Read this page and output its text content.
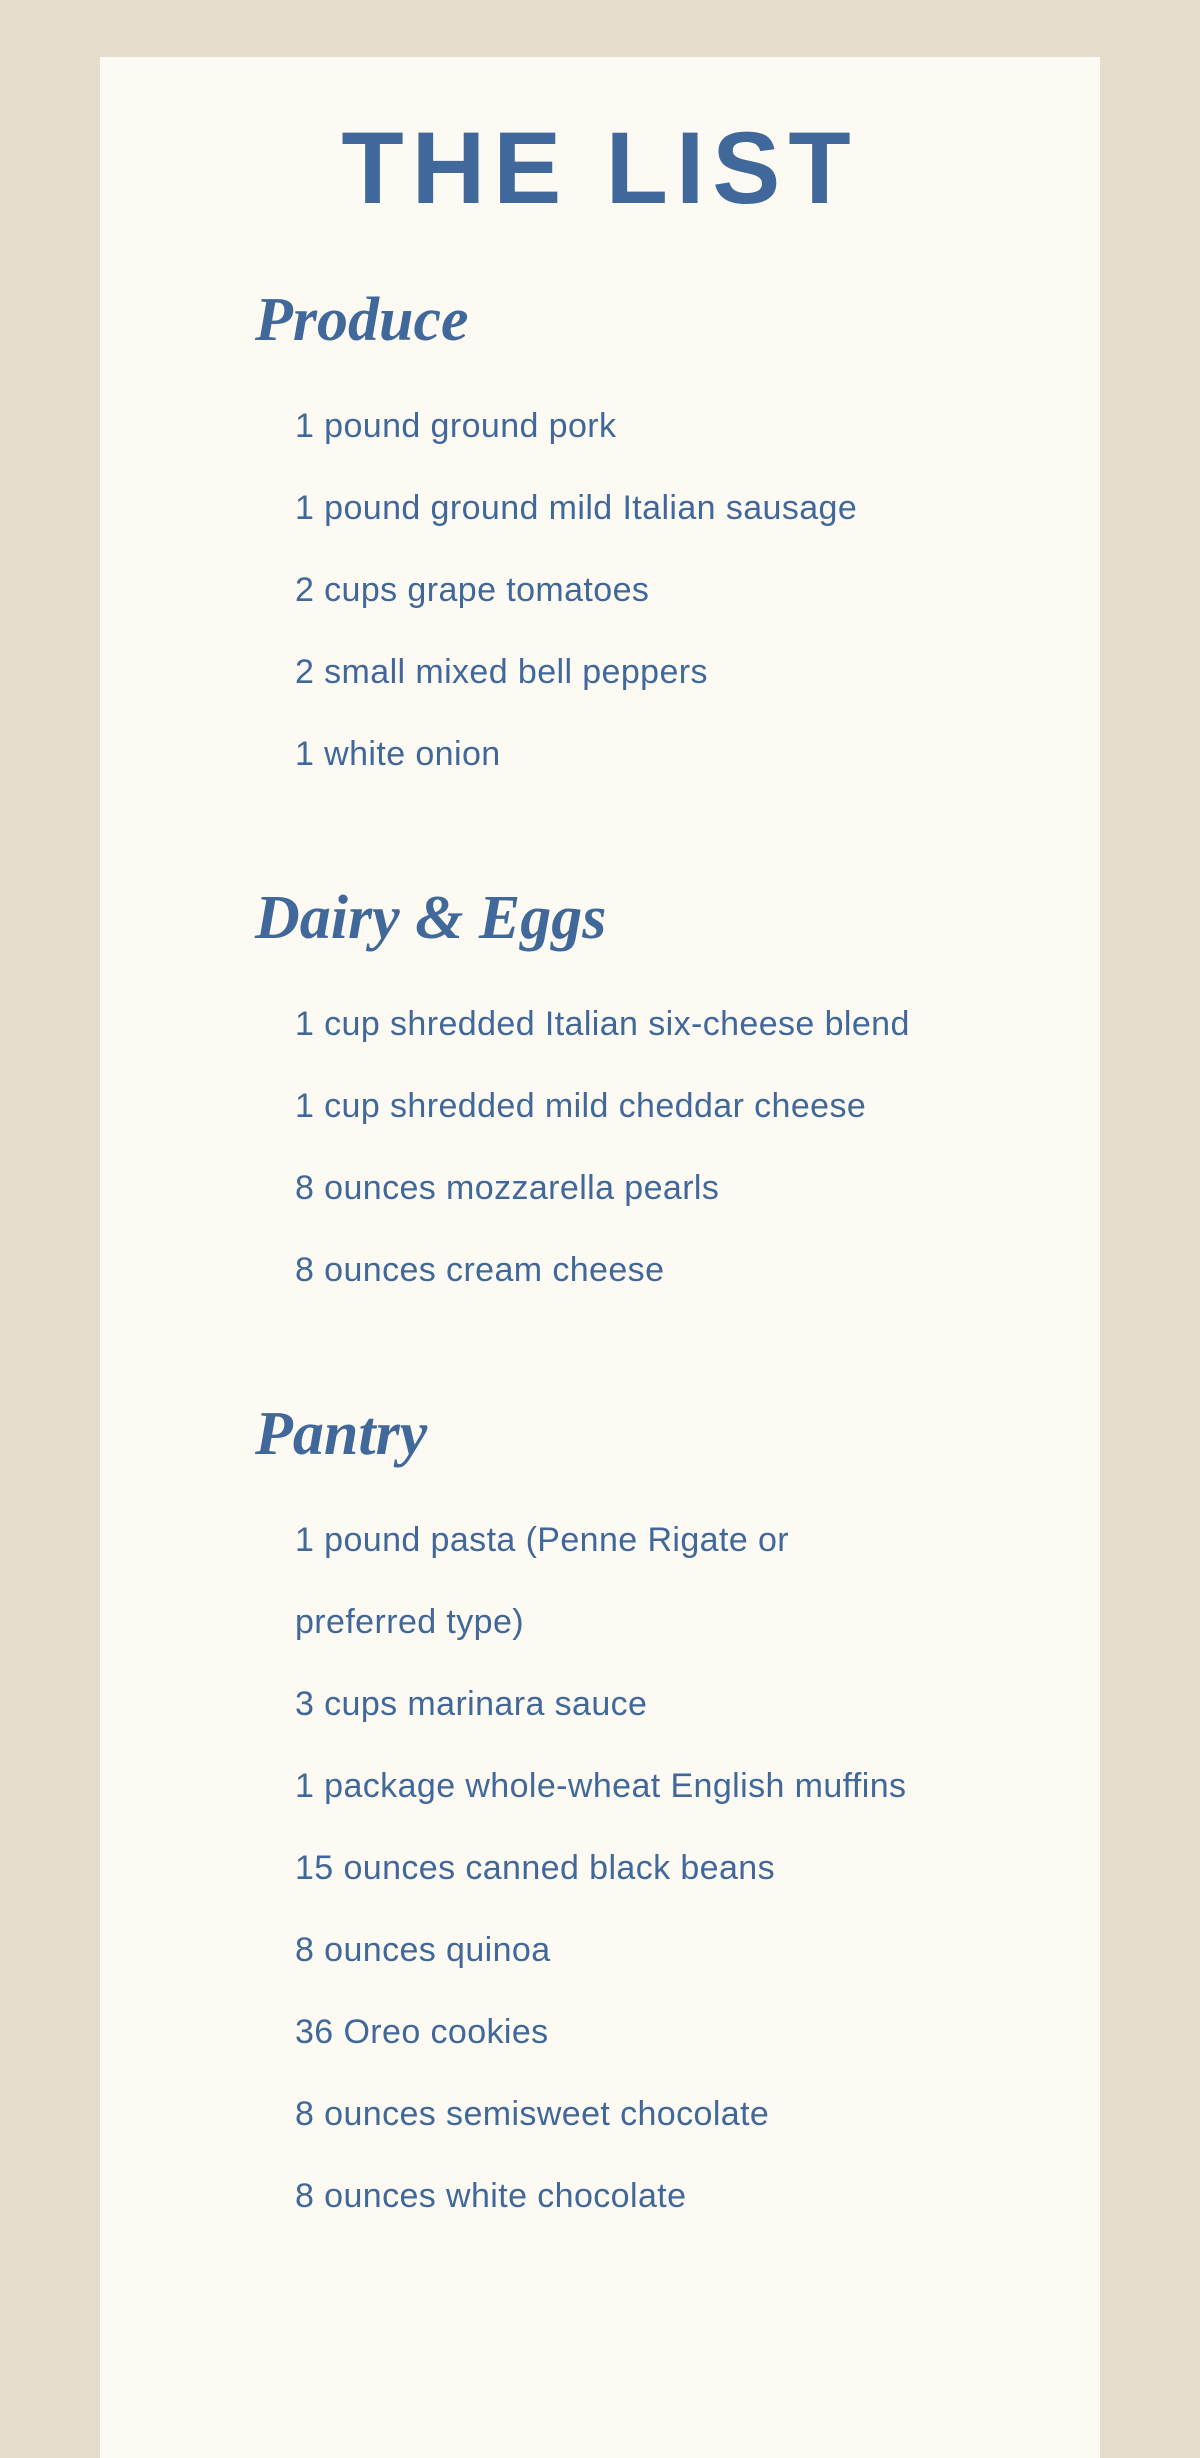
THE LIST
Produce
1 pound ground pork
1 pound ground mild Italian sausage
2 cups grape tomatoes
2 small mixed bell peppers
1 white onion
Dairy & Eggs
1 cup shredded Italian six-cheese blend
1 cup shredded mild cheddar cheese
8 ounces mozzarella pearls
8 ounces cream cheese
Pantry
1 pound pasta (Penne Rigate or preferred type)
3 cups marinara sauce
1 package whole-wheat English muffins
15 ounces canned black beans
8 ounces quinoa
36 Oreo cookies
8 ounces semisweet chocolate
8 ounces white chocolate
